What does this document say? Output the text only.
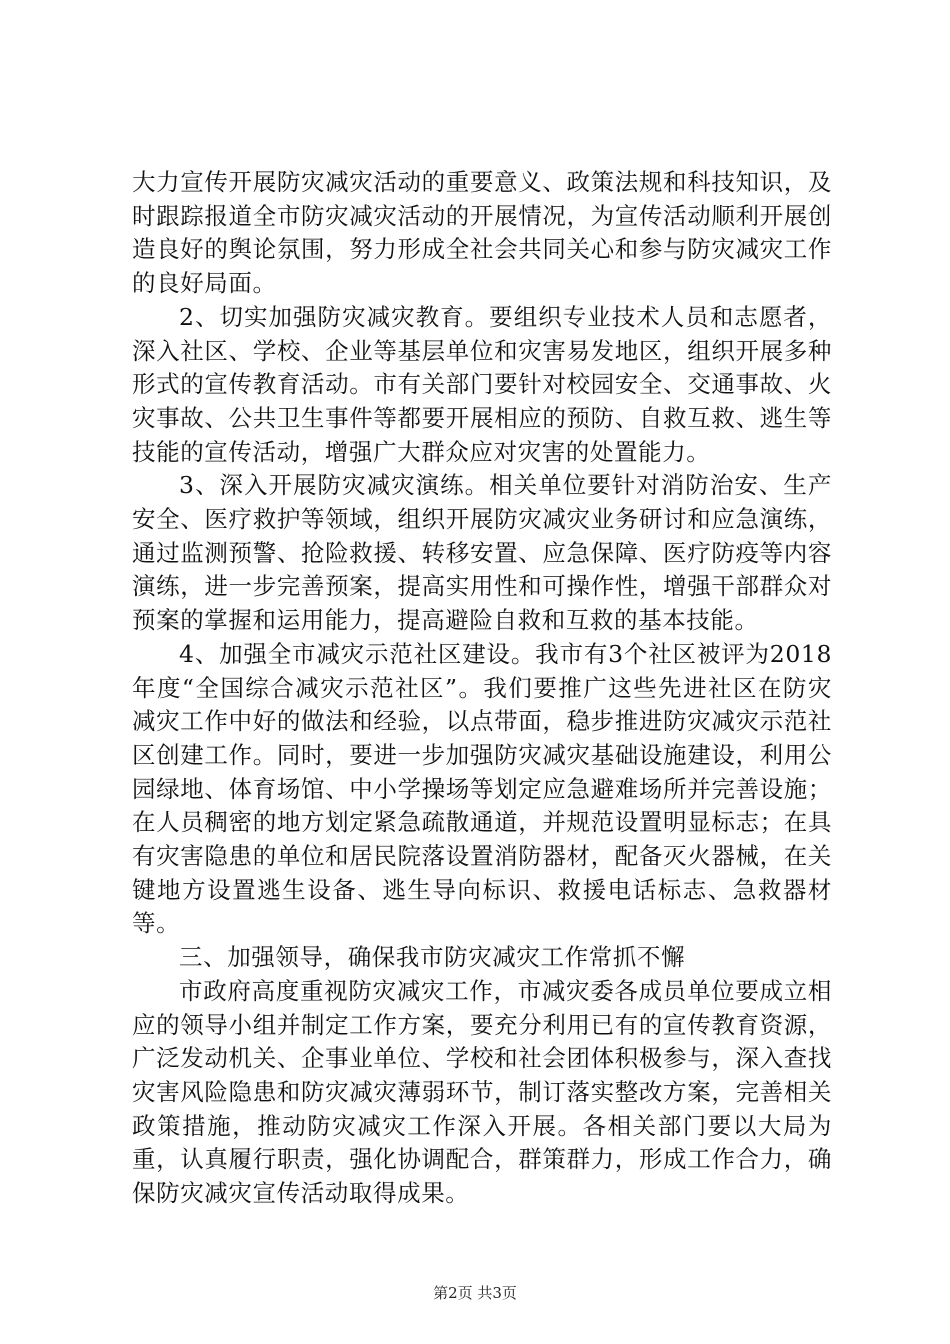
大力宣传开展防灾减灾活动的重要意义、政策法规和科技知识，及时跟踪报道全市防灾减灾活动的开展情况，为宣传活动顺利开展创造良好的舆论氛围，努力形成全社会共同关心和参与防灾减灾工作的良好局面。

2、切实加强防灾减灾教育。要组织专业技术人员和志愿者，深入社区、学校、企业等基层单位和灾害易发地区，组织开展多种形式的宣传教育活动。市有关部门要针对校园安全、交通事故、火灾事故、公共卫生事件等都要开展相应的预防、自救互救、逃生等技能的宣传活动，增强广大群众应对灾害的处置能力。

3、深入开展防灾减灾演练。相关单位要针对消防治安、生产安全、医疗救护等领域，组织开展防灾减灾业务研讨和应急演练，通过监测预警、抢险救援、转移安置、应急保障、医疗防疫等内容演练，进一步完善预案，提高实用性和可操作性，增强干部群众对预案的掌握和运用能力，提高避险自救和互救的基本技能。

4、加强全市减灾示范社区建设。我市有3个社区被评为2018年度“全国综合减灾示范社区”。我们要推广这些先进社区在防灾减灾工作中好的做法和经验，以点带面，稳步推进防灾减灾示范社区创建工作。同时，要进一步加强防灾减灾基础设施建设，利用公园绿地、体育场馆、中小学操场等划定应急避难场所并完善设施；在人员稠密的地方划定紧急疏散通道，并规范设置明显标志；在具有灾害隐患的单位和居民院落设置消防器材，配备灭火器械，在关键地方设置逃生设备、逃生导向标识、救援电话标志、急救器材等。

三、加强领导，确保我市防灾减灾工作常抓不懈

市政府高度重视防灾减灾工作，市减灾委各成员单位要成立相应的领导小组并制定工作方案，要充分利用已有的宣传教育资源，广泛发动机关、企事业单位、学校和社会团体积极参与，深入查找灾害风险隐患和防灾减灾薄弱环节，制订落实整改方案，完善相关政策措施，推动防灾减灾工作深入开展。各相关部门要以大局为重，认真履行职责，强化协调配合，群策群力，形成工作合力，确保防灾减灾宣传活动取得成果。

第2页 共3页
